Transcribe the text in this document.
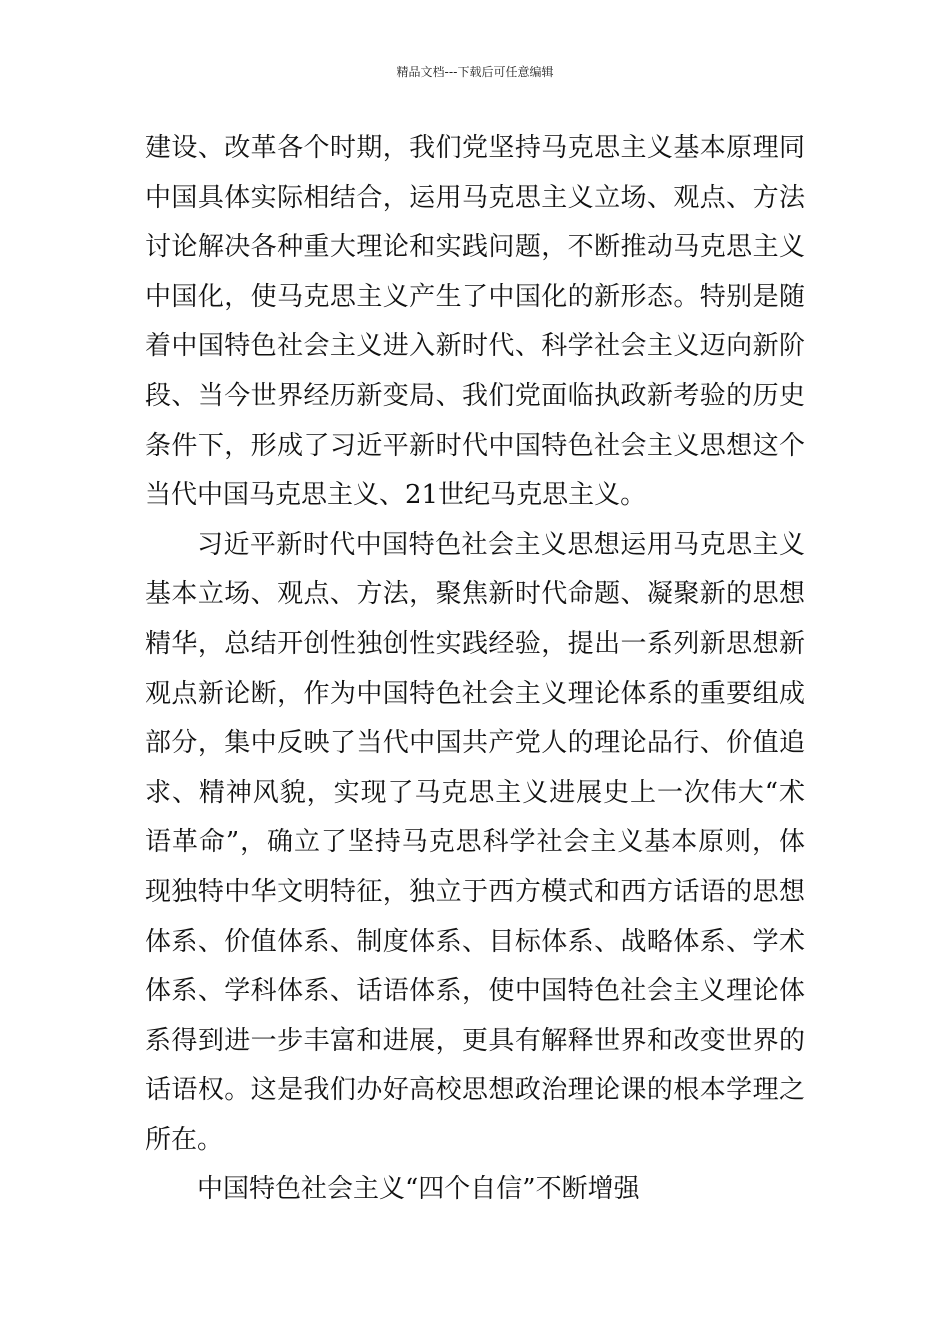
精品文档---下载后可任意编辑

建设、改革各个时期，我们党坚持马克思主义基本原理同中国具体实际相结合，运用马克思主义立场、观点、方法讨论解决各种重大理论和实践问题，不断推动马克思主义中国化，使马克思主义产生了中国化的新形态。特别是随着中国特色社会主义进入新时代、科学社会主义迈向新阶段、当今世界经历新变局、我们党面临执政新考验的历史条件下，形成了习近平新时代中国特色社会主义思想这个当代中国马克思主义、21世纪马克思主义。

习近平新时代中国特色社会主义思想运用马克思主义基本立场、观点、方法，聚焦新时代命题、凝聚新的思想精华，总结开创性独创性实践经验，提出一系列新思想新观点新论断，作为中国特色社会主义理论体系的重要组成部分，集中反映了当代中国共产党人的理论品行、价值追求、精神风貌，实现了马克思主义进展史上一次伟大“术语革命”，确立了坚持马克思科学社会主义基本原则，体现独特中华文明特征，独立于西方模式和西方话语的思想体系、价值体系、制度体系、目标体系、战略体系、学术体系、学科体系、话语体系，使中国特色社会主义理论体系得到进一步丰富和进展，更具有解释世界和改变世界的话语权。这是我们办好高校思想政治理论课的根本学理之所在。

中国特色社会主义“四个自信”不断增强
